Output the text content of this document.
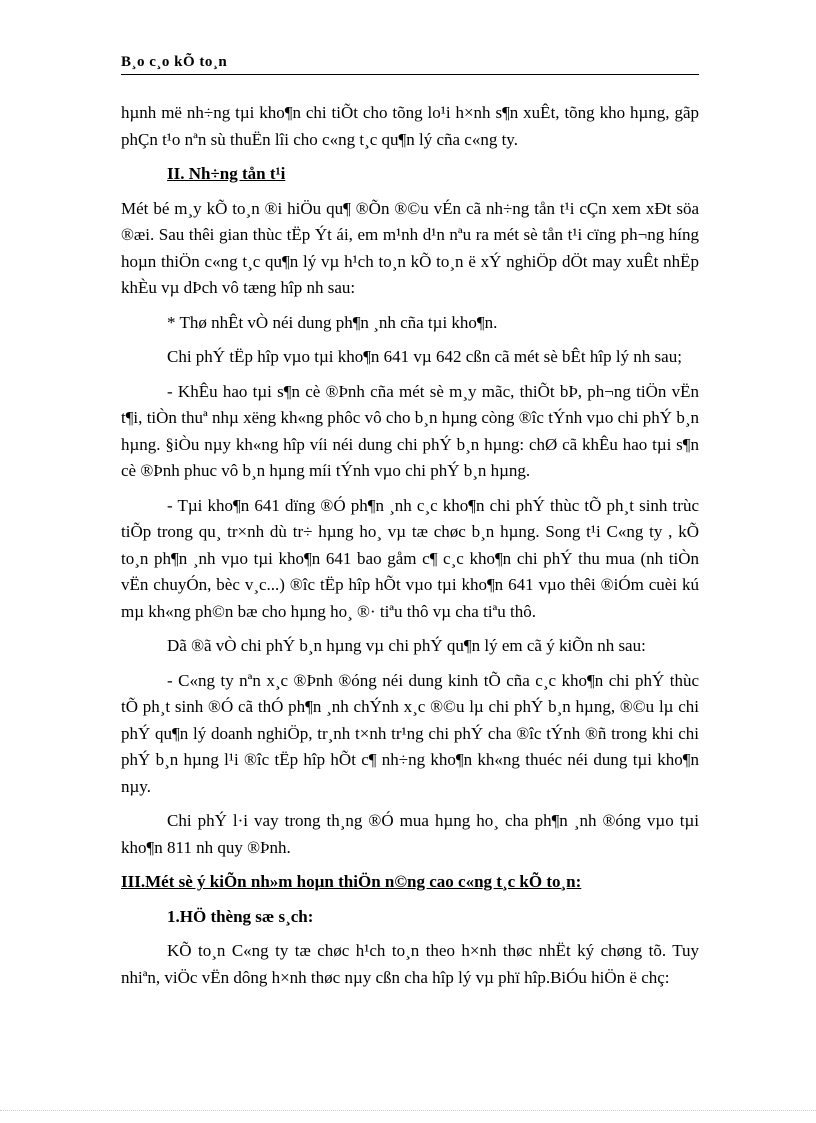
B¸o c¸o kÕ to¸n

hµnh më nh÷ng tµi kho¶n chi tiÕt cho tõng lo¹i h×nh s¶n xuÊt, tõng kho hµng, gãp phÇn t¹o nªn sù thuËn lîi cho c«ng t¸c qu¶n lý cña c«ng ty.

II. Nh÷ng tån t¹i

Mét bé m¸y kÕ to¸n ®i hiÖu qu¶ ®Õn ®©u vÉn cã nh÷ng tån t¹i cÇn xem xÐt söa ®æi. Sau thêi gian thùc tËp Ýt ái, em m¹nh d¹n nªu ra mét sè tån t¹i cïng ph¬ng híng hoµn thiÖn c«ng t¸c qu¶n lý vµ h¹ch to¸n kÕ to¸n ë xÝ nghiÖp dÖt may xuÊt nhËp khÈu vµ dÞch vô tæng hîp nh sau:

* Thø nhÊt vÒ néi dung ph¶n ¸nh cña tµi kho¶n.

Chi phÝ tËp hîp vµo tµi kho¶n 641 vµ 642 cßn cã mét sè bÊt hîp lý nh sau;

- KhÊu hao tµi s¶n cè ®Þnh cña mét sè m¸y mãc, thiÕt bÞ, ph¬ng tiÖn vËn t¶i, tiÒn thuª nhµ xëng kh«ng phôc vô cho b¸n hµng còng ®îc tÝnh vµo chi phÝ b¸n hµng. §iÒu nµy kh«ng hîp víi néi dung chi phÝ b¸n hµng: chØ cã khÊu hao tµi s¶n cè ®Þnh phuc vô b¸n hµng míi tÝnh vµo chi phÝ b¸n hµng.

- Tµi kho¶n 641 dïng ®Ó ph¶n ¸nh c¸c kho¶n chi phÝ thùc tÕ ph¸t sinh trùc tiÕp trong qu¸ tr×nh dù tr÷ hµng ho¸ vµ tæ chøc b¸n hµng. Song t¹i C«ng ty , kÕ to¸n ph¶n ¸nh vµo tµi kho¶n 641 bao gåm c¶ c¸c kho¶n chi phÝ thu mua (nh tiÒn vËn chuyÓn, bèc v¸c...) ®îc tËp hîp hÕt vµo tµi kho¶n 641 vµo thêi ®iÓm cuèi kú mµ kh«ng ph©n bæ cho hµng ho¸ ®· tiªu thô vµ cha tiªu thô.

Dã ®ã vÒ chi phÝ b¸n hµng vµ chi phÝ qu¶n lý em cã ý kiÕn nh sau:

- C«ng ty nªn x¸c ®Þnh ®óng néi dung kinh tÕ cña c¸c kho¶n chi phÝ thùc tÕ ph¸t sinh ®Ó cã thÓ ph¶n ¸nh chÝnh x¸c ®©u lµ chi phÝ b¸n hµng, ®©u lµ chi phÝ qu¶n lý doanh nghiÖp, tr¸nh t×nh tr¹ng chi phÝ cha ®îc tÝnh ®ñ trong khi chi phÝ b¸n hµng l¹i ®îc tËp hîp hÕt c¶ nh÷ng kho¶n kh«ng thuéc néi dung tµi kho¶n nµy.

Chi phÝ l·i vay trong th¸ng ®Ó mua hµng ho¸ cha ph¶n ¸nh ®óng vµo tµi kho¶n 811 nh quy ®Þnh.

III.Mét sè ý kiÕn nh»m hoµn thiÖn n©ng cao c«ng t¸c kÕ to¸n:

1.HÖ thèng sæ s¸ch:

KÕ to¸n C«ng ty tæ chøc h¹ch to¸n theo h×nh thøc nhËt ký chøng tõ. Tuy nhiªn, viÖc vËn dông h×nh thøc nµy cßn cha hîp lý vµ phï hîp.BiÓu hiÖn ë chç:
